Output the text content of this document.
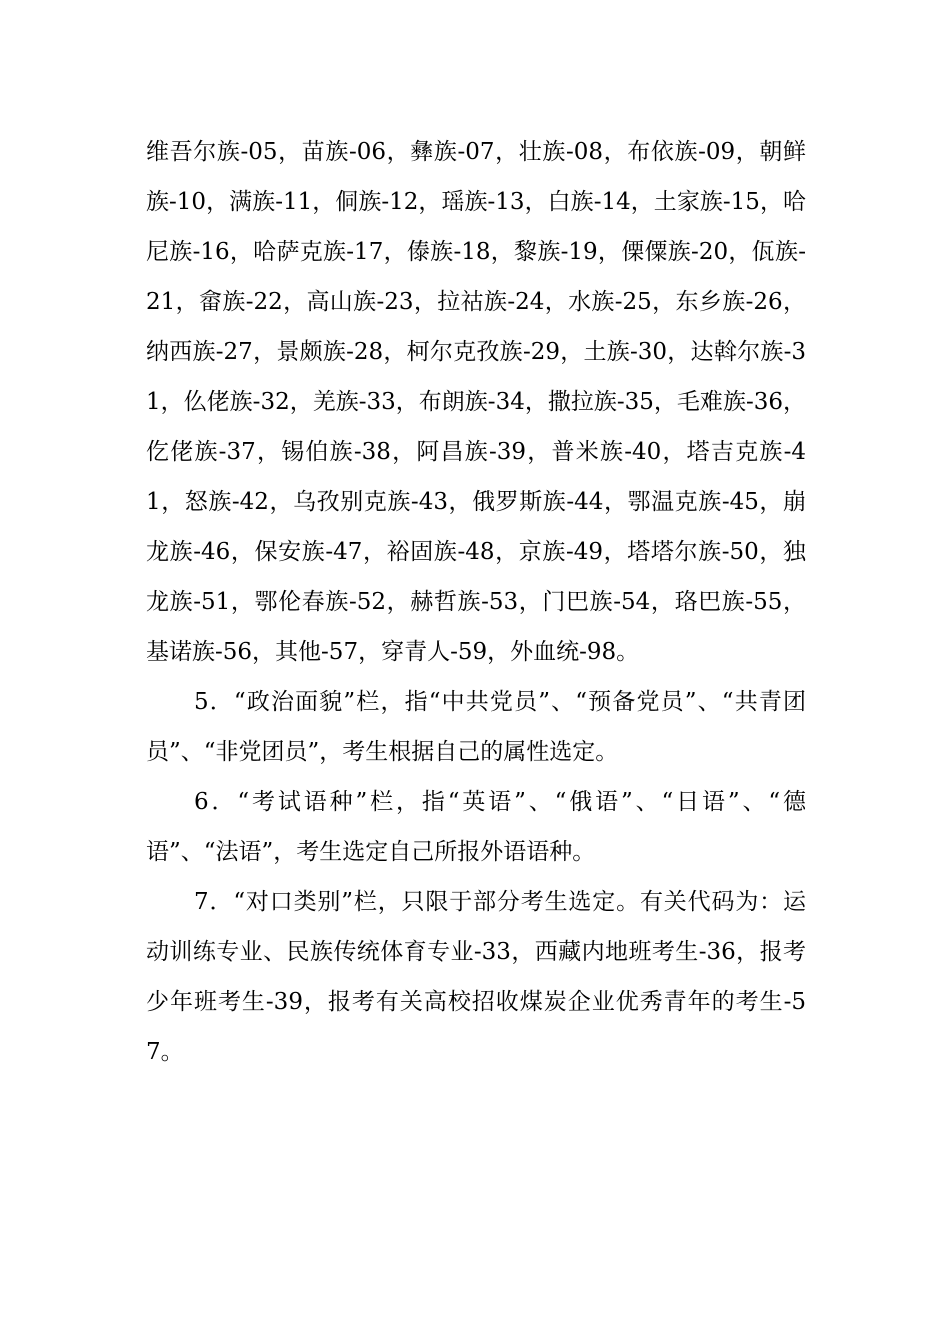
维吾尔族-05，苗族-06，彝族-07，壮族-08，布依族-09，朝鲜族-10，满族-11，侗族-12，瑶族-13，白族-14，土家族-15，哈尼族-16，哈萨克族-17，傣族-18，黎族-19，傈僳族-20，佤族-21，畲族-22，高山族-23，拉祜族-24，水族-25，东乡族-26，纳西族-27，景颇族-28，柯尔克孜族-29，土族-30，达斡尔族-31，仫佬族-32，羌族-33，布朗族-34，撒拉族-35，毛难族-36，仡佬族-37，锡伯族-38，阿昌族-39，普米族-40，塔吉克族-41，怒族-42，乌孜别克族-43，俄罗斯族-44，鄂温克族-45，崩龙族-46，保安族-47，裕固族-48，京族-49，塔塔尔族-50，独龙族-51，鄂伦春族-52，赫哲族-53，门巴族-54，珞巴族-55，基诺族-56，其他-57，穿青人-59，外血统-98。

5．“政治面貌”栏，指“中共党员”、“预备党员”、“共青团员”、“非党团员”，考生根据自己的属性选定。

6．“考试语种”栏，指“英语”、“俄语”、“日语”、“德语”、“法语”，考生选定自己所报外语语种。

7．“对口类别”栏，只限于部分考生选定。有关代码为：运动训练专业、民族传统体育专业-33，西藏内地班考生-36，报考少年班考生-39，报考有关高校招收煤炭企业优秀青年的考生-57。
